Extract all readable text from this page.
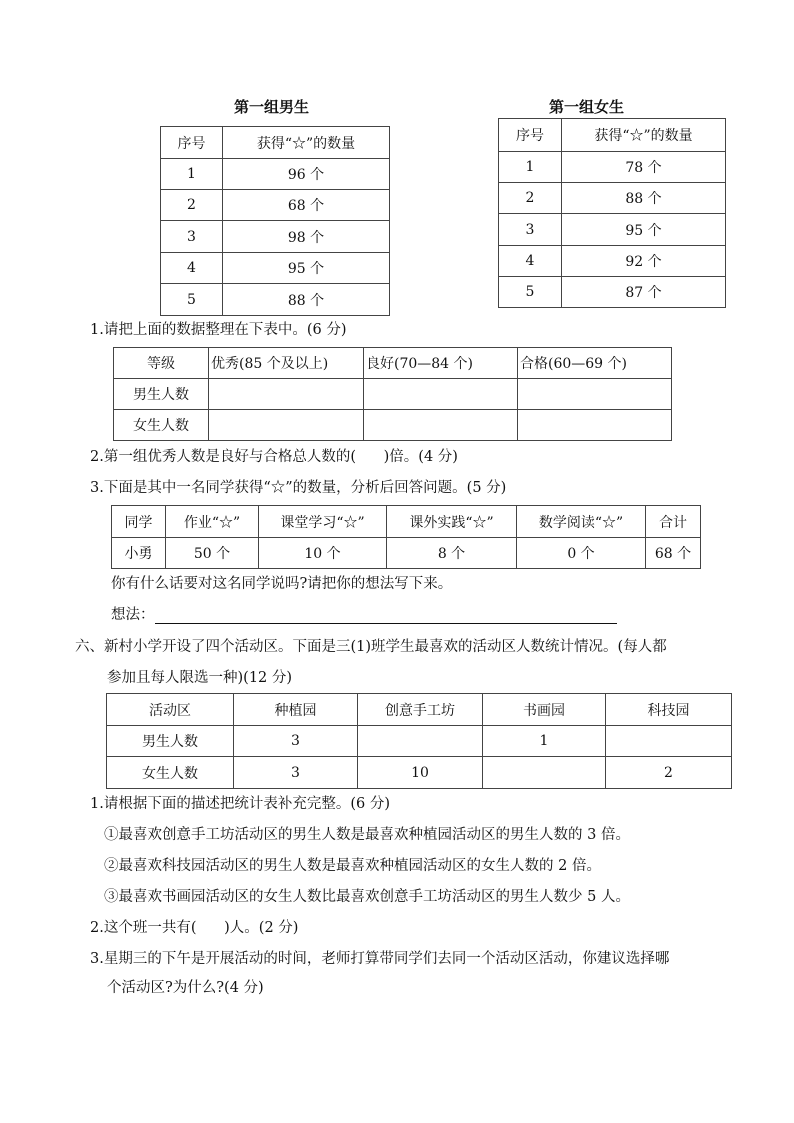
第一组男生	第一组女生
序号	获得“☆”的数量
1	96 个
2	68 个
3	98 个
4	95 个
5	88 个
序号	获得“☆”的数量
1	78 个
2	88 个
3	95 个
4	92 个
5	87 个
1.请把上面的数据整理在下表中。(6 分)
等级	优秀(85 个及以上)	良好(70—84 个)	合格(60—69 个)
男生人数			
女生人数			
2.第一组优秀人数是良好与合格总人数的(      )倍。(4 分)
3.下面是其中一名同学获得“☆”的数量，分析后回答问题。(5 分)
同学	作业“☆”	课堂学习“☆”	课外实践“☆”	数学阅读“☆”	合计
小勇	50 个	10 个	8 个	0 个	68 个
你有什么话要对这名同学说吗?请把你的想法写下来。
想法：
六、新村小学开设了四个活动区。下面是三(1)班学生最喜欢的活动区人数统计情况。(每人都
参加且每人限选一种)(12 分)
活动区	种植园	创意手工坊	书画园	科技园
男生人数	3		1	
女生人数	3	10		2
1.请根据下面的描述把统计表补充完整。(6 分)
①最喜欢创意手工坊活动区的男生人数是最喜欢种植园活动区的男生人数的 3 倍。
②最喜欢科技园活动区的男生人数是最喜欢种植园活动区的女生人数的 2 倍。
③最喜欢书画园活动区的女生人数比最喜欢创意手工坊活动区的男生人数少 5 人。
2.这个班一共有(      )人。(2 分)
3.星期三的下午是开展活动的时间，老师打算带同学们去同一个活动区活动，你建议选择哪
个活动区?为什么?(4 分)
